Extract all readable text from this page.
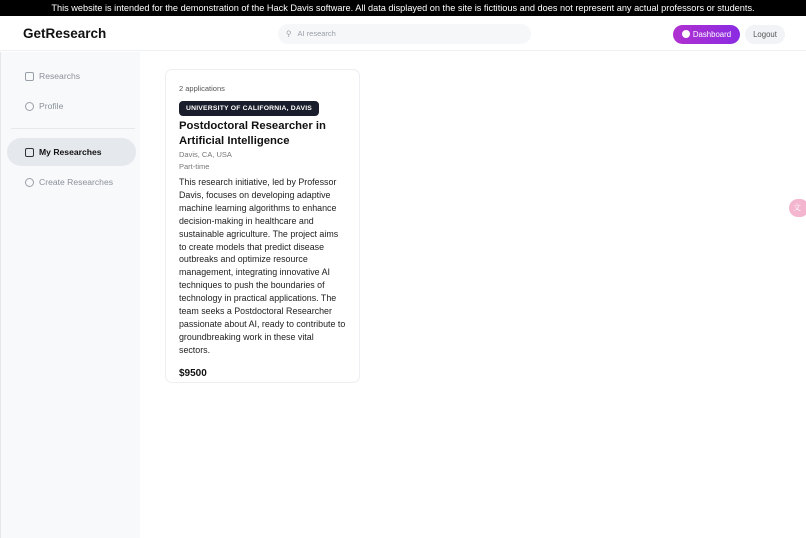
This website is intended for the demonstration of the Hack Davis software. All data displayed on the site is fictitious and does not represent any actual professors or students.
GetResearch	⚲ AI research	Dashboard	Logout
Researchs
Profile
My Researches
Create Researches
2 applications
UNIVERSITY OF CALIFORNIA, DAVIS
Postdoctoral Researcher in Artificial Intelligence
Davis, CA, USA
Part-time
This research initiative, led by Professor Davis, focuses on developing adaptive machine learning algorithms to enhance decision-making in healthcare and sustainable agriculture. The project aims to create models that predict disease outbreaks and optimize resource management, integrating innovative AI techniques to push the boundaries of technology in practical applications. The team seeks a Postdoctoral Researcher passionate about AI, ready to contribute to groundbreaking work in these vital sectors.
$9500
文
